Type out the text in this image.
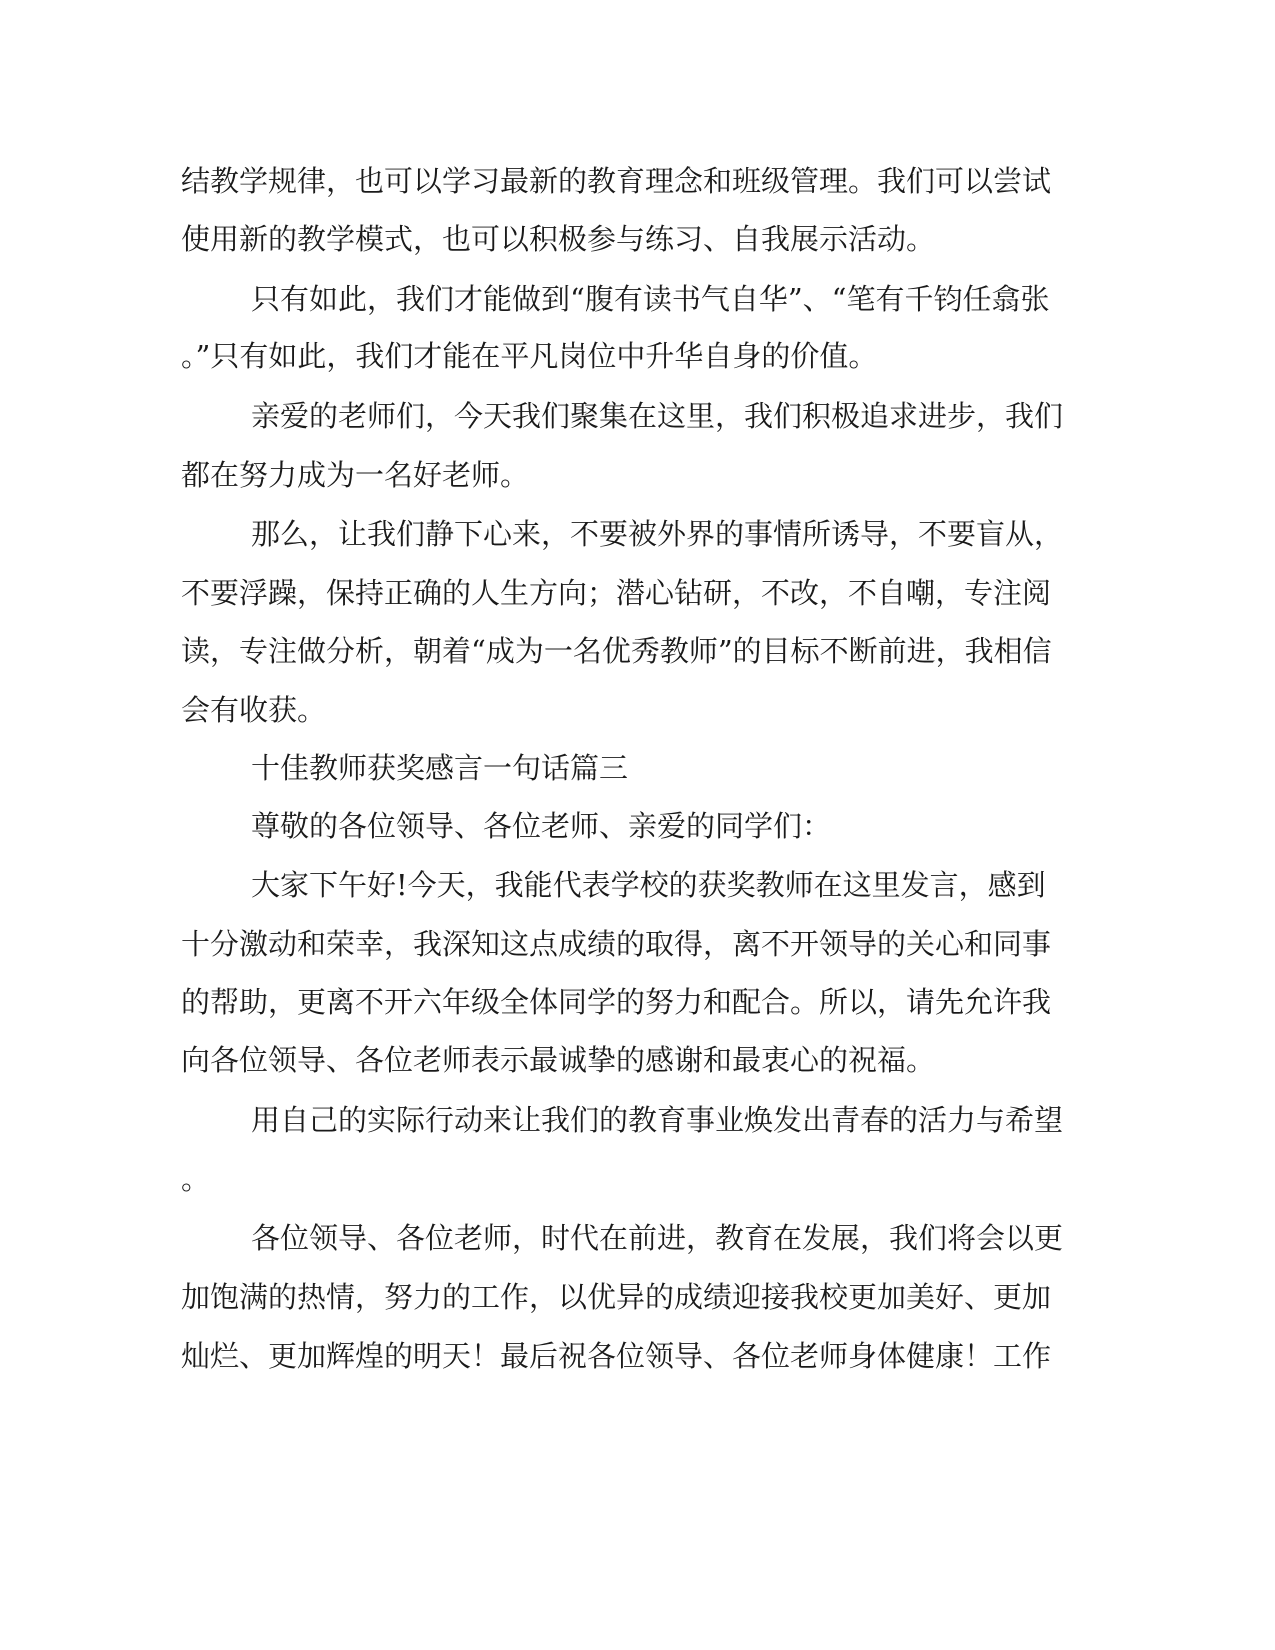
结教学规律，也可以学习最新的教育理念和班级管理。我们可以尝试
使用新的教学模式，也可以积极参与练习、自我展示活动。
只有如此，我们才能做到“腹有读书气自华”、“笔有千钧任翕张
。”只有如此，我们才能在平凡岗位中升华自身的价值。
亲爱的老师们，今天我们聚集在这里，我们积极追求进步，我们
都在努力成为一名好老师。
那么，让我们静下心来，不要被外界的事情所诱导，不要盲从，
不要浮躁，保持正确的人生方向；潜心钻研，不改，不自嘲，专注阅
读，专注做分析，朝着“成为一名优秀教师”的目标不断前进，我相信
会有收获。
十佳教师获奖感言一句话篇三
尊敬的各位领导、各位老师、亲爱的同学们：
大家下午好!今天，我能代表学校的获奖教师在这里发言，感到
十分激动和荣幸，我深知这点成绩的取得，离不开领导的关心和同事
的帮助，更离不开六年级全体同学的努力和配合。所以，请先允许我
向各位领导、各位老师表示最诚挚的感谢和最衷心的祝福。
用自己的实际行动来让我们的教育事业焕发出青春的活力与希望
。
各位领导、各位老师，时代在前进，教育在发展，我们将会以更
加饱满的热情，努力的工作，以优异的成绩迎接我校更加美好、更加
灿烂、更加辉煌的明天！最后祝各位领导、各位老师身体健康！工作
